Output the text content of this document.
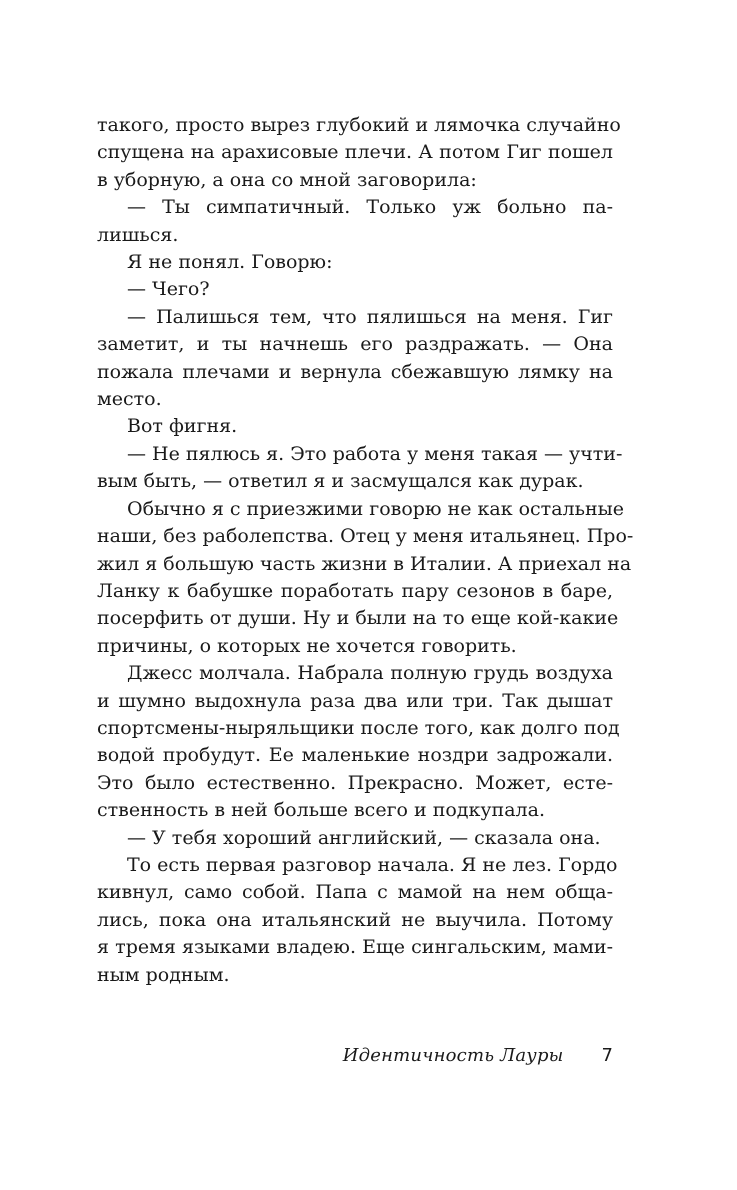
такого, просто вырез глубокий и лямочка случайно
спущена на арахисовые плечи. А потом Гиг пошел
в уборную, а она со мной заговорила:
— Ты симпатичный. Только уж больно па-
лишься.
Я не понял. Говорю:
— Чего?
— Палишься тем, что пялишься на меня. Гиг
заметит, и ты начнешь его раздражать. — Она
пожала плечами и вернула сбежавшую лямку на
место.
Вот фигня.
— Не пялюсь я. Это работа у меня такая — учти-
вым быть, — ответил я и засмущался как дурак.
Обычно я с приезжими говорю не как остальные
наши, без раболепства. Отец у меня итальянец. Про-
жил я большую часть жизни в Италии. А приехал на
Ланку к бабушке поработать пару сезонов в баре,
посерфить от души. Ну и были на то еще кой-какие
причины, о которых не хочется говорить.
Джесс молчала. Набрала полную грудь воздуха
и шумно выдохнула раза два или три. Так дышат
спортсмены-ныряльщики после того, как долго под
водой пробудут. Ее маленькие ноздри задрожали.
Это было естественно. Прекрасно. Может, есте-
ственность в ней больше всего и подкупала.
— У тебя хороший английский, — сказала она.
То есть первая разговор начала. Я не лез. Гордо
кивнул, само собой. Папа с мамой на нем обща-
лись, пока она итальянский не выучила. Потому
я тремя языками владею. Еще сингальским, мами-
ным родным.
Идентичность Лауры 7
